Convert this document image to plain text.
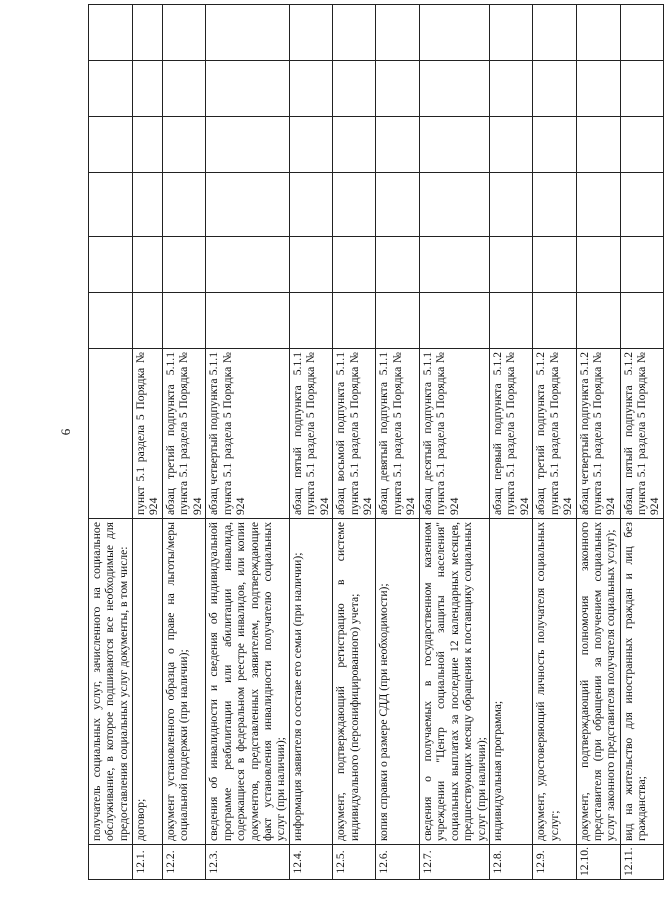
6
	получатель социальных услуг, зачисленного на социальное обслуживание, в которое подшиваются все необходимые для предоставления социальных услуг документы, в том числе:							
12.1.	договор;	пункт 5.1 раздела 5 Порядка № 924						
12.2.	документ установленного образца о праве на льготы/меры социальной поддержки (при наличии);	абзац третий подпункта 5.1.1 пункта 5.1 раздела 5 Порядка № 924						
12.3.	сведения об инвалидности и сведения об индивидуальной программе реабилитации или абилитации инвалида, содержащиеся в федеральном реестре инвалидов, или копии документов, представленных заявителем, подтверждающие факт установления инвалидности получателю социальных услуг (при наличии);	абзац четвертый подпункта 5.1.1 пункта 5.1 раздела 5 Порядка № 924						
12.4.	информация заявителя о составе его семьи (при наличии);	абзац пятый подпункта 5.1.1 пункта 5.1 раздела 5 Порядка № 924						
12.5.	документ, подтверждающий регистрацию в системе индивидуального (персонифицированного) учета;	абзац восьмой подпункта 5.1.1 пункта 5.1 раздела 5 Порядка № 924						
12.6.	копия справки о размере СДД (при необходимости);	абзац девятый подпункта 5.1.1 пункта 5.1 раздела 5 Порядка № 924						
12.7.	сведения о получаемых в государственном казенном учреждении "Центр социальной защиты населения" социальных выплатах за последние 12 календарных месяцев, предшествующих месяцу обращения к поставщику социальных услуг (при наличии);	абзац десятый подпункта 5.1.1 пункта 5.1 раздела 5 Порядка № 924						
12.8.	индивидуальная программа;	абзац первый подпункта 5.1.2 пункта 5.1 раздела 5 Порядка № 924						
12.9.	документ, удостоверяющий личность получателя социальных услуг;	абзац третий подпункта 5.1.2 пункта 5.1 раздела 5 Порядка № 924						
12.10.	документ, подтверждающий полномочия законного представителя (при обращении за получением социальных услуг законного представителя получателя социальных услуг);	абзац четвертый подпункта 5.1.2 пункта 5.1 раздела 5 Порядка № 924						
12.11.	вид на жительство для иностранных граждан и лиц без гражданства;	абзац пятый подпункта 5.1.2 пункта 5.1 раздела 5 Порядка № 924						
